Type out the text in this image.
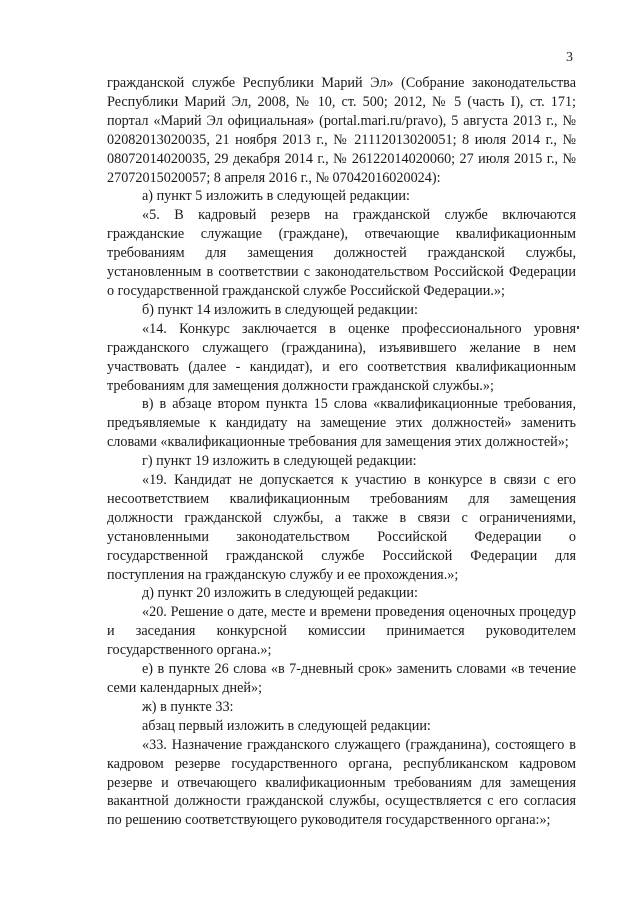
3

гражданской службе Республики Марий Эл» (Собрание законодательства Республики Марий Эл, 2008, № 10, ст. 500; 2012, № 5 (часть I), ст. 171; портал «Марий Эл официальная» (portal.mari.ru/pravo), 5 августа 2013 г., № 02082013020035, 21 ноября 2013 г., № 21112013020051; 8 июля 2014 г., № 08072014020035, 29 декабря 2014 г., № 26122014020060; 27 июля 2015 г., № 27072015020057; 8 апреля 2016 г., № 07042016020024):

а) пункт 5 изложить в следующей редакции:

«5. В кадровый резерв на гражданской службе включаются гражданские служащие (граждане), отвечающие квалификационным требованиям для замещения должностей гражданской службы, установленным в соответствии с законодательством Российской Федерации о государственной гражданской службе Российской Федерации.»;

б) пункт 14 изложить в следующей редакции:

«14. Конкурс заключается в оценке профессионального уровня гражданского служащего (гражданина), изъявившего желание в нем участвовать (далее - кандидат), и его соответствия квалификационным требованиям для замещения должности гражданской службы.»;

в) в абзаце втором пункта 15 слова «квалификационные требования, предъявляемые к кандидату на замещение этих должностей» заменить словами «квалификационные требования для замещения этих должностей»;

г) пункт 19 изложить в следующей редакции:

«19. Кандидат не допускается к участию в конкурсе в связи с его несоответствием квалификационным требованиям для замещения должности гражданской службы, а также в связи с ограничениями, установленными законодательством Российской Федерации о государственной гражданской службе Российской Федерации для поступления на гражданскую службу и ее прохождения.»;

д) пункт 20 изложить в следующей редакции:

«20. Решение о дате, месте и времени проведения оценочных процедур и заседания конкурсной комиссии принимается руководителем государственного органа.»;

е) в пункте 26 слова «в 7-дневный срок» заменить словами «в течение семи календарных дней»;

ж) в пункте 33:

абзац первый изложить в следующей редакции:

«33. Назначение гражданского служащего (гражданина), состоящего в кадровом резерве государственного органа, республиканском кадровом резерве и отвечающего квалификационным требованиям для замещения вакантной должности гражданской службы, осуществляется с его согласия по решению соответствующего руководителя государственного органа:»;
